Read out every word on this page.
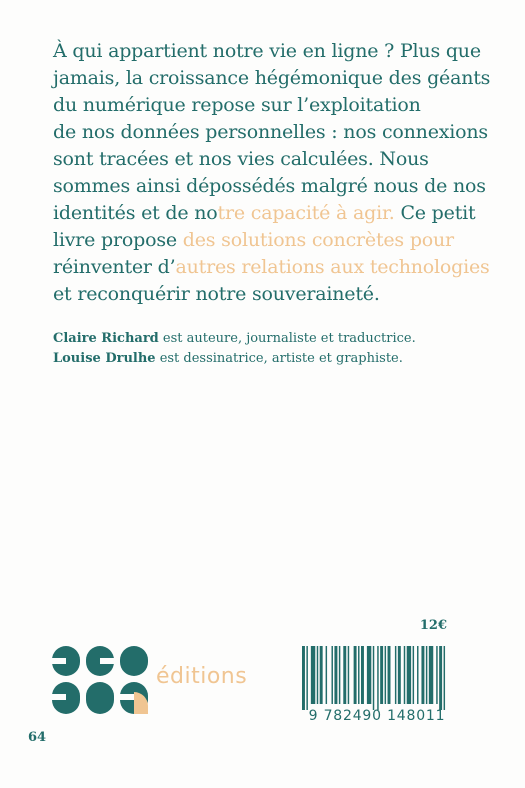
À qui appartient notre vie en ligne ? Plus que
jamais, la croissance hégémonique des géants
du numérique repose sur l’exploitation
de nos données personnelles : nos connexions
sont tracées et nos vies calculées. Nous
sommes ainsi dépossédés malgré nous de nos
identités et de notre capacité à agir. Ce petit
livre propose des solutions concrètes pour
réinventer d’autres relations aux technologies
et reconquérir notre souveraineté.
Claire Richard est auteure, journaliste et traductrice.
Louise Drulhe est dessinatrice, artiste et graphiste.
12€
éditions
9 782490 148011
64
